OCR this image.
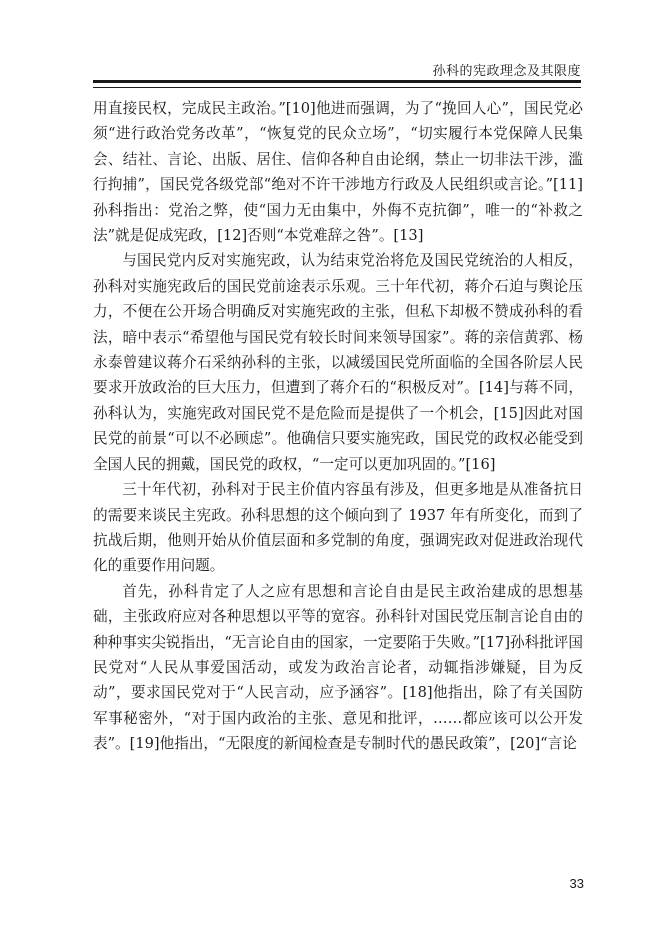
孙科的宪政理念及其限度

用直接民权，完成民主政治。”[10]他进而强调，为了“挽回人心”，国民党必须“进行政治党务改革”，“恢复党的民众立场”，“切实履行本党保障人民集会、结社、言论、出版、居住、信仰各种自由论纲，禁止一切非法干涉，滥行拘捕”，国民党各级党部“绝对不许干涉地方行政及人民组织或言论。”[11]孙科指出：党治之弊，使“国力无由集中，外侮不克抗御”，唯一的“补救之法”就是促成宪政，[12]否则“本党难辞之咎”。[13]

与国民党内反对实施宪政，认为结束党治将危及国民党统治的人相反，孙科对实施宪政后的国民党前途表示乐观。三十年代初，蒋介石迫与舆论压力，不便在公开场合明确反对实施宪政的主张，但私下却极不赞成孙科的看法，暗中表示“希望他与国民党有较长时间来领导国家”。蒋的亲信黄郛、杨永泰曾建议蒋介石采纳孙科的主张，以减缓国民党所面临的全国各阶层人民要求开放政治的巨大压力，但遭到了蒋介石的“积极反对”。[14]与蒋不同，孙科认为，实施宪政对国民党不是危险而是提供了一个机会，[15]因此对国民党的前景“可以不必顾虑”。他确信只要实施宪政，国民党的政权必能受到全国人民的拥戴，国民党的政权，“一定可以更加巩固的。”[16]

三十年代初，孙科对于民主价值内容虽有涉及，但更多地是从准备抗日的需要来谈民主宪政。孙科思想的这个倾向到了 1937 年有所变化，而到了抗战后期，他则开始从价值层面和多党制的角度，强调宪政对促进政治现代化的重要作用问题。

首先，孙科肯定了人之应有思想和言论自由是民主政治建成的思想基础，主张政府应对各种思想以平等的宽容。孙科针对国民党压制言论自由的种种事实尖锐指出，“无言论自由的国家，一定要陷于失败。”[17]孙科批评国民党对“人民从事爱国活动，或发为政治言论者，动辄指涉嫌疑，目为反动”，要求国民党对于“人民言动，应予涵容”。[18]他指出，除了有关国防军事秘密外，“对于国内政治的主张、意见和批评，……都应该可以公开发表”。[19]他指出，“无限度的新闻检查是专制时代的愚民政策”，[20]“言论

33
